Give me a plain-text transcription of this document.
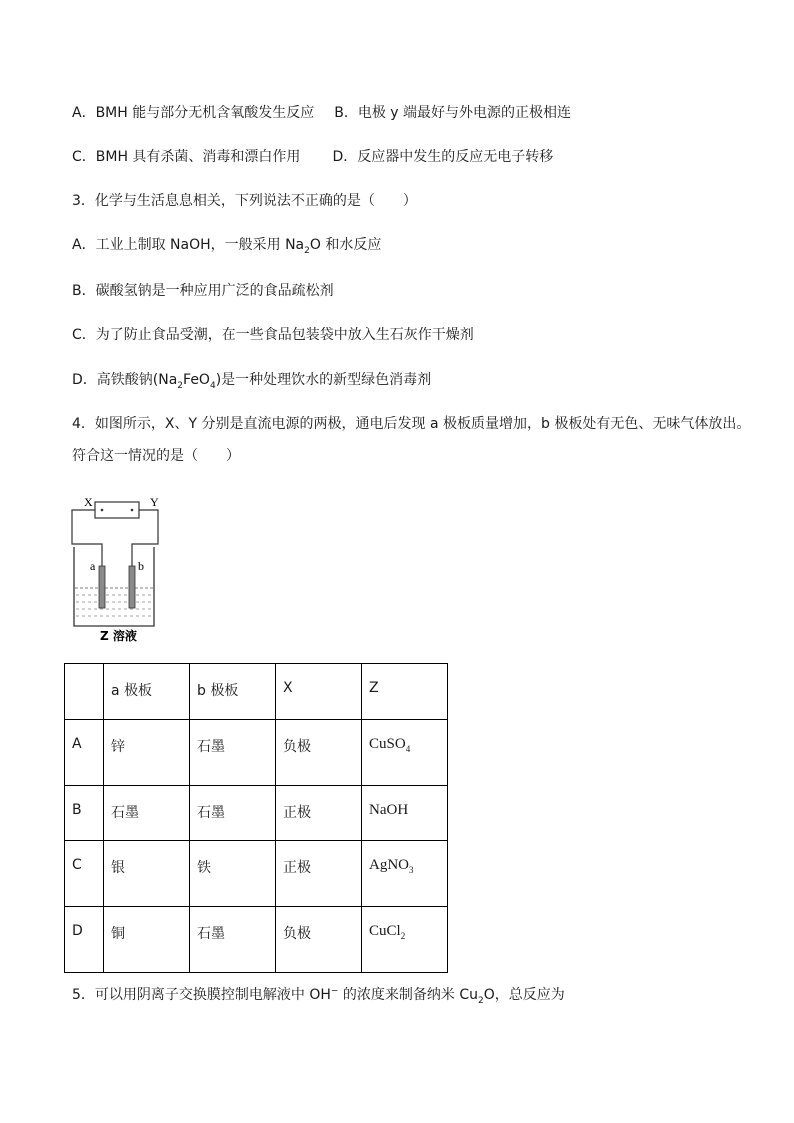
A．BMH 能与部分无机含氧酸发生反应 B．电极 y 端最好与外电源的正极相连
C．BMH 具有杀菌、消毒和漂白作用 D．反应器中发生的反应无电子转移
3．化学与生活息息相关，下列说法不正确的是（　　）
A．工业上制取 NaOH，一般采用 $Na_2O$ 和水反应
B．碳酸氢钠是一种应用广泛的食品疏松剂
C．为了防止食品受潮，在一些食品包装袋中放入生石灰作干燥剂
D．高铁酸钠$(Na_2FeO_4)$是一种处理饮水的新型绿色消毒剂
4．如图所示，X、Y 分别是直流电源的两极，通电后发现 a 极板质量增加，b 极板处有无色、无味气体放出。
符合这一情况的是（　　）
X	Y
a	b
Z 溶液
	a 极板	b 极板	X	Z
A	锌	石墨	负极	CuSO$_4$
B	石墨	石墨	正极	NaOH
C	银	铁	正极	AgNO$_3$
D	铜	石墨	负极	CuCl$_2$
5．可以用阴离子交换膜控制电解液中 OH− 的浓度来制备纳米 $Cu_2O$，总反应为
